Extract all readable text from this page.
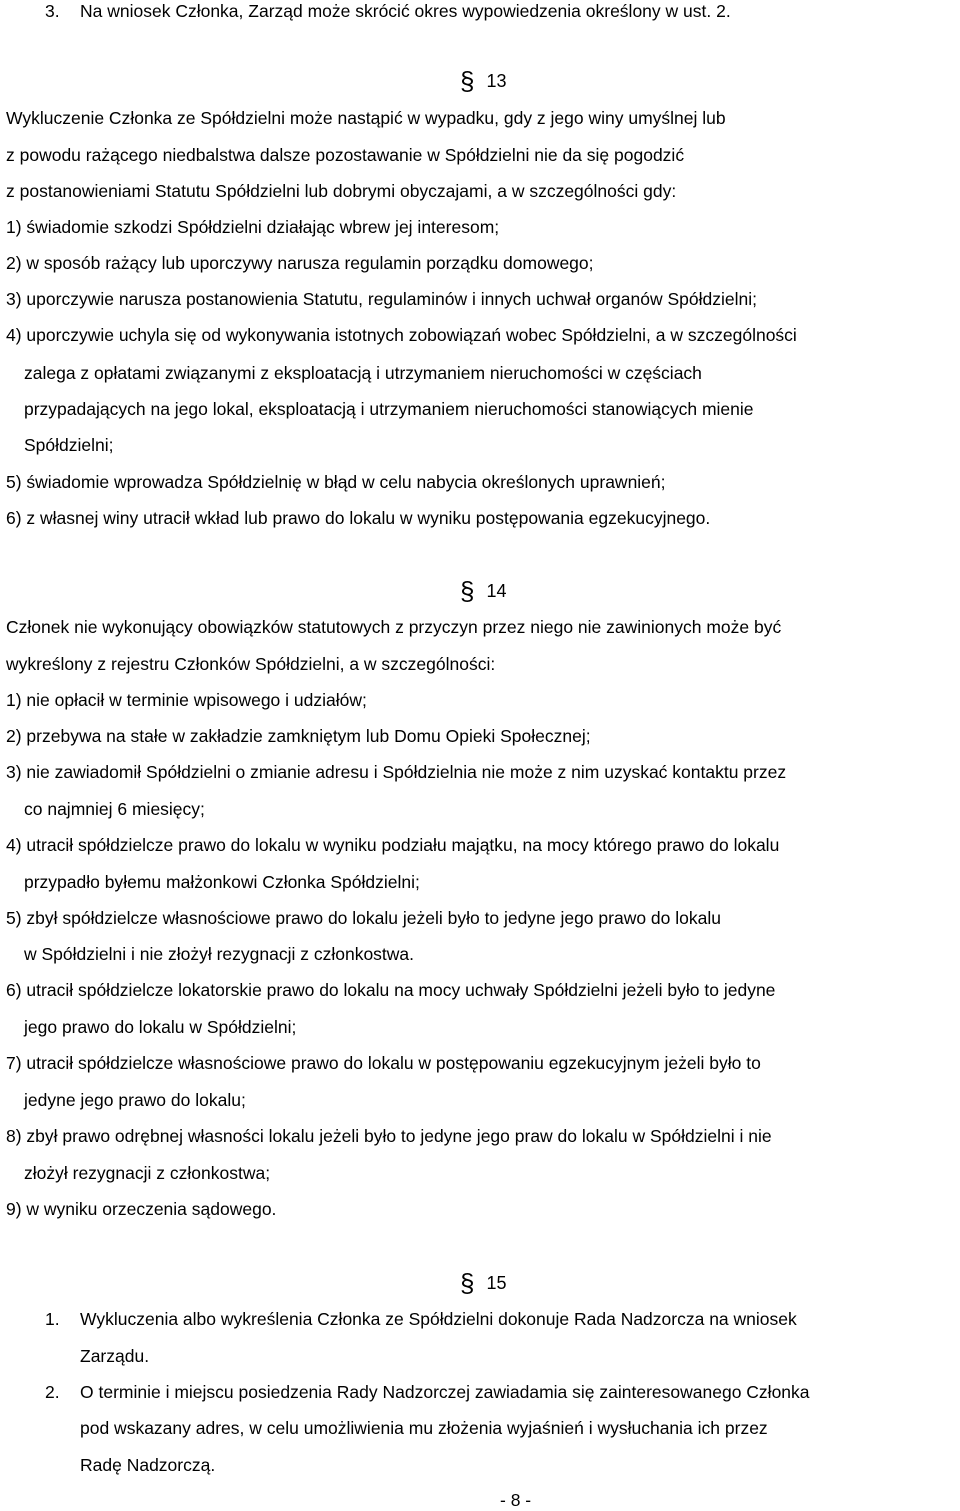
3. Na wniosek Członka, Zarząd może skrócić okres wypowiedzenia określony w ust. 2.
§ 13
Wykluczenie Członka ze Spółdzielni może nastąpić w wypadku, gdy z jego winy umyślnej lub
z powodu rażącego niedbalstwa dalsze pozostawanie w Spółdzielni nie da się pogodzić
z postanowieniami Statutu Spółdzielni lub dobrymi obyczajami, a w szczególności gdy:
1) świadomie szkodzi Spółdzielni działając wbrew jej interesom;
2) w sposób rażący lub uporczywy narusza regulamin porządku domowego;
3) uporczywie narusza postanowienia Statutu, regulaminów i innych uchwał organów Spółdzielni;
4) uporczywie uchyla się od wykonywania istotnych zobowiązań wobec Spółdzielni, a w szczególności
zalega z opłatami związanymi z eksploatacją i utrzymaniem nieruchomości w częściach
przypadających na jego lokal, eksploatacją i utrzymaniem nieruchomości stanowiących mienie
Spółdzielni;
5) świadomie wprowadza Spółdzielnię w błąd w celu nabycia określonych uprawnień;
6) z własnej winy utracił wkład lub prawo do lokalu w wyniku postępowania egzekucyjnego.
§ 14
Członek nie wykonujący obowiązków statutowych z przyczyn przez niego nie zawinionych może być
wykreślony z rejestru Członków Spółdzielni, a w szczególności:
1) nie opłacił w terminie wpisowego i udziałów;
2) przebywa na stałe w zakładzie zamkniętym lub Domu Opieki Społecznej;
3) nie zawiadomił Spółdzielni o zmianie adresu i Spółdzielnia nie może z nim uzyskać kontaktu przez
co najmniej 6 miesięcy;
4) utracił spółdzielcze prawo do lokalu w wyniku podziału majątku, na mocy którego prawo do lokalu
przypadło byłemu małżonkowi Członka Spółdzielni;
5) zbył spółdzielcze własnościowe prawo do lokalu jeżeli było to jedyne jego prawo do lokalu
w Spółdzielni i nie złożył rezygnacji z członkostwa.
6) utracił spółdzielcze lokatorskie prawo do lokalu na mocy uchwały Spółdzielni jeżeli było to jedyne
jego prawo do lokalu w Spółdzielni;
7) utracił spółdzielcze własnościowe prawo do lokalu w postępowaniu egzekucyjnym jeżeli było to
jedyne jego prawo do lokalu;
8) zbył prawo odrębnej własności lokalu jeżeli było to jedyne jego praw do lokalu w Spółdzielni i nie
złożył rezygnacji z członkostwa;
9) w wyniku orzeczenia sądowego.
§ 15
1. Wykluczenia albo wykreślenia Członka ze Spółdzielni dokonuje Rada Nadzorcza na wniosek
Zarządu.
2. O terminie i miejscu posiedzenia Rady Nadzorczej zawiadamia się zainteresowanego Członka
pod wskazany adres, w celu umożliwienia mu złożenia wyjaśnień i wysłuchania ich przez
Radę Nadzorczą.
- 8 -
